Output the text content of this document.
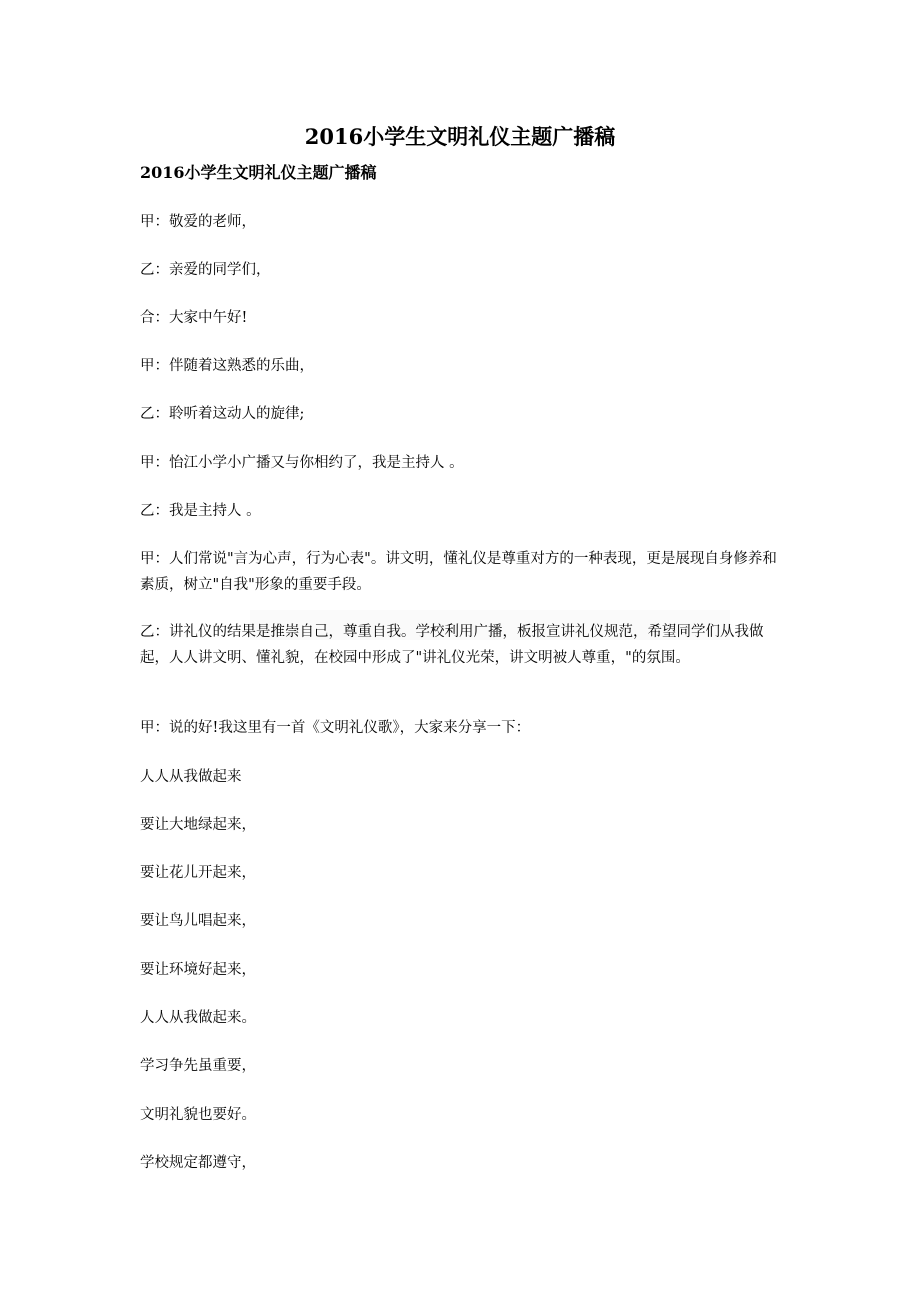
2016小学生文明礼仪主题广播稿
2016小学生文明礼仪主题广播稿

甲：敬爱的老师，

乙：亲爱的同学们，

合：大家中午好!

甲：伴随着这熟悉的乐曲，

乙：聆听着这动人的旋律;

甲：怡江小学小广播又与你相约了，我是主持人 。

乙：我是主持人 。

甲：人们常说"言为心声，行为心表"。讲文明，懂礼仪是尊重对方的一种表现，更是展现自身修养和素质，树立"自我"形象的重要手段。

乙：讲礼仪的结果是推崇自己，尊重自我。学校利用广播，板报宣讲礼仪规范，希望同学们从我做起，人人讲文明、懂礼貌，在校园中形成了"讲礼仪光荣，讲文明被人尊重，"的氛围。

甲：说的好!我这里有一首《文明礼仪歌》，大家来分享一下：

人人从我做起来

要让大地绿起来，

要让花儿开起来，

要让鸟儿唱起来，

要让环境好起来，

人人从我做起来。

学习争先虽重要，

文明礼貌也要好。

学校规定都遵守，
